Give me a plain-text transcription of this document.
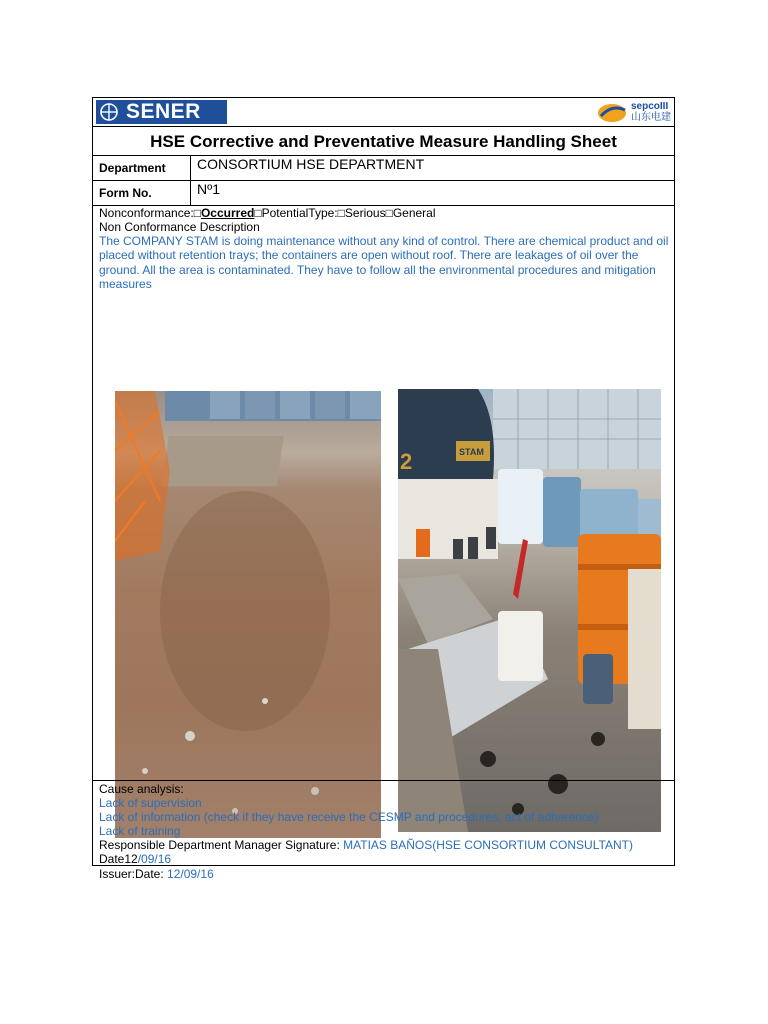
SENER	sepcoIII
山东电建
HSE Corrective and Preventative Measure Handling Sheet
Department	CONSORTIUM HSE DEPARTMENT
Form No.	Nº1
Nonconformance:□Occurred□PotentialType:□Serious□General
Non Conformance Description
The COMPANY STAM is doing maintenance without any kind of control. There are chemical product and oil placed without retention trays; the containers are open without roof. There are leakages of oil over the ground. All the area is contaminated. They have to follow all the environmental procedures and mitigation measures
STAM
2
Issuer:Date: 12/09/16
Cause analysis:
Lack of supervision
Lack of information (check if they have receive the CESMP and procedures, act of adherence)
Lack of training
Responsible Department Manager Signature: MATIAS BAÑOS(HSE CONSORTIUM CONSULTANT)
Date12/09/16
